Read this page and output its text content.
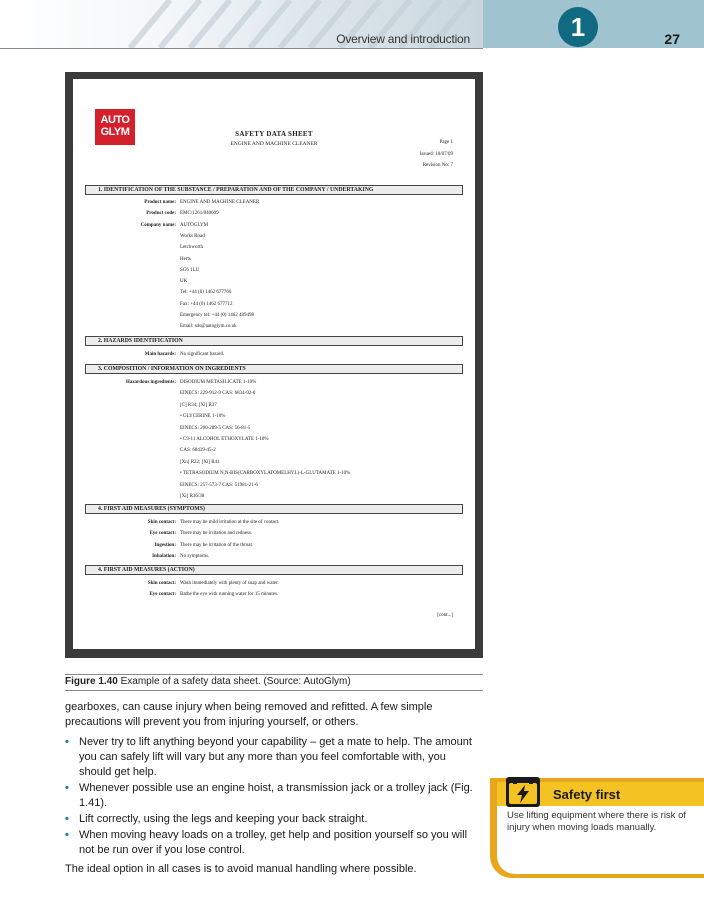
Overview and introduction	1	27
AUTO GLYM	SAFETY DATA SHEET
ENGINE AND MACHINE CLEANER	Page 1
Issued: 10/07/09
Revision No: 7
1. IDENTIFICATION OF THE SUBSTANCE / PREPARATION AND OF THE COMPANY / UNDERTAKING
Product name: ENGINE AND MACHINE CLEANER
Product code: EMC/1261/040609
Company name: AUTOGLYM
Works Road
Letchworth
Herts
SG6 1LU
UK
Tel: +44 (0) 1462 677766
Fax: +44 (0) 1462 677712
Emergency tel: +44 (0) 1462 489498
Email: sds@autoglym.co.uk
2. HAZARDS IDENTIFICATION
Main hazards: No significant hazard.
3. COMPOSITION / INFORMATION ON INGREDIENTS
Hazardous ingredients: DISODIUM METASILICATE 1-10%
EINECS: 229-912-9 CAS: 6834-92-0
[C] R34; [Xi] R37
• GLYCERINE 1-10%
EINECS: 200-289-5 CAS: 56-81-5
• C9-11 ALCOHOL ETHOXYLATE 1-10%
CAS: 68439-45-2
[Xn] R22; [Xi] R41
• TETRASODIUM N,N-BIS(CARBOXYLATOMELHYL)-L-GLUTAMATE 1-10%
EINECS: 257-573-7 CAS: 51981-21-6
[Xi] R36/38
4. FIRST AID MEASURES (SYMPTOMS)
Skin contact: There may be mild irritation at the site of contact.
Eye contact: There may be irritation and redness.
Ingestion: There may be irritation of the throat.
Inhalation: No symptoms.
4. FIRST AID MEASURES (ACTION)
Skin contact: Wash immediately with plenty of soap and water.
Eye contact: Bathe the eye with running water for 15 minutes.
[cont...]
Figure 1.40 Example of a safety data sheet. (Source: AutoGlym)
gearboxes, can cause injury when being removed and refitted. A few simple precautions will prevent you from injuring yourself, or others.
• Never try to lift anything beyond your capability – get a mate to help. The amount you can safely lift will vary but any more than you feel comfortable with, you should get help.
• Whenever possible use an engine hoist, a transmission jack or a trolley jack (Fig. 1.41).
• Lift correctly, using the legs and keeping your back straight.
• When moving heavy loads on a trolley, get help and position yourself so you will not be run over if you lose control.
The ideal option in all cases is to avoid manual handling where possible.
Safety first
Use lifting equipment where there is risk of injury when moving loads manually.
